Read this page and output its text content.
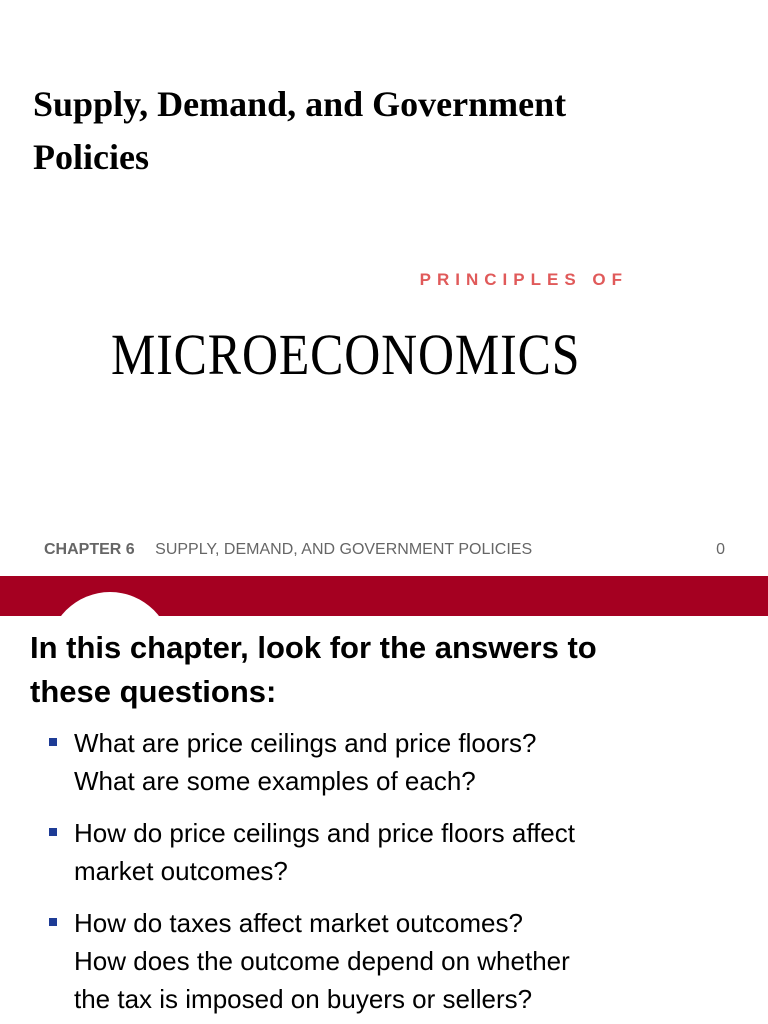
Supply, Demand, and Government
Policies
PRINCIPLES OF
MICROECONOMICS
CHAPTER 6 SUPPLY, DEMAND, AND GOVERNMENT POLICIES	0
In this chapter, look for the answers to
these questions:
What are price ceilings and price floors?
What are some examples of each?
How do price ceilings and price floors affect
market outcomes?
How do taxes affect market outcomes?
How does the outcome depend on whether
the tax is imposed on buyers or sellers?
